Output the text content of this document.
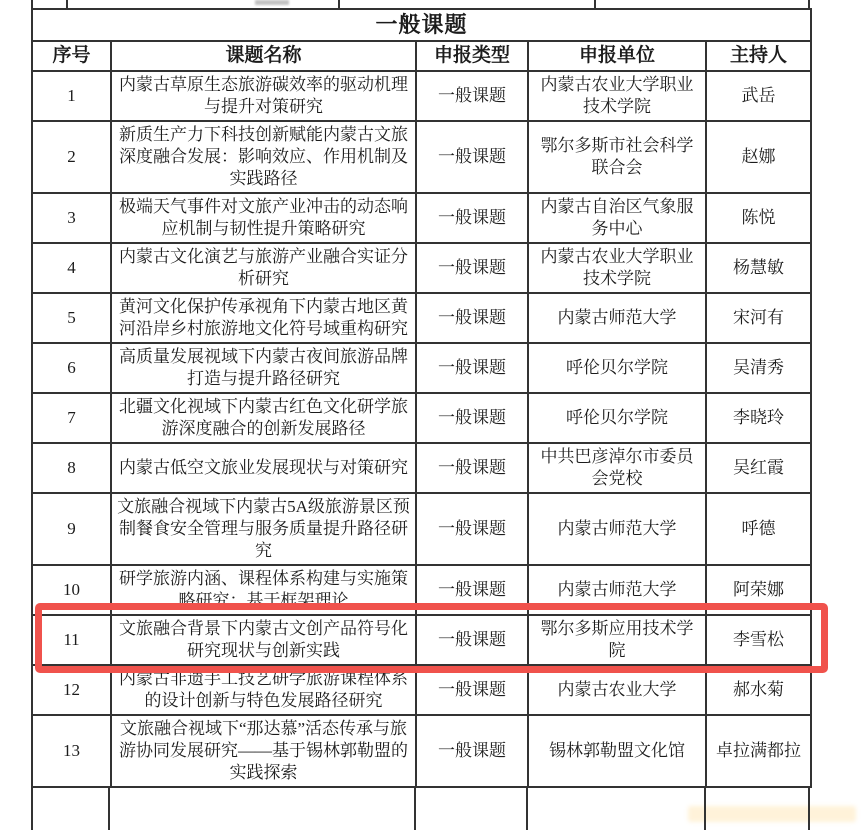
一般课题				
序号	课题名称	申报类型	申报单位	主持人
1	内蒙古草原生态旅游碳效率的驱动机理与提升对策研究	一般课题	内蒙古农业大学职业技术学院	武岳
2	新质生产力下科技创新赋能内蒙古文旅深度融合发展：影响效应、作用机制及实践路径	一般课题	鄂尔多斯市社会科学联合会	赵娜
3	极端天气事件对文旅产业冲击的动态响应机制与韧性提升策略研究	一般课题	内蒙古自治区气象服务中心	陈悦
4	内蒙古文化演艺与旅游产业融合实证分析研究	一般课题	内蒙古农业大学职业技术学院	杨慧敏
5	黄河文化保护传承视角下内蒙古地区黄河沿岸乡村旅游地文化符号域重构研究	一般课题	内蒙古师范大学	宋河有
6	高质量发展视域下内蒙古夜间旅游品牌打造与提升路径研究	一般课题	呼伦贝尔学院	吴清秀
7	北疆文化视域下内蒙古红色文化研学旅游深度融合的创新发展路径	一般课题	呼伦贝尔学院	李晓玲
8	内蒙古低空文旅业发展现状与对策研究	一般课题	中共巴彦淖尔市委员会党校	吴红霞
9	文旅融合视域下内蒙古5A级旅游景区预制餐食安全管理与服务质量提升路径研究	一般课题	内蒙古师范大学	呼德
10	研学旅游内涵、课程体系构建与实施策略研究：基于框架理论	一般课题	内蒙古师范大学	阿荣娜
11	文旅融合背景下内蒙古文创产品符号化研究现状与创新实践	一般课题	鄂尔多斯应用技术学院	李雪松
12	内蒙古非遗手工技艺研学旅游课程体系的设计创新与特色发展路径研究	一般课题	内蒙古农业大学	郝水菊
13	文旅融合视域下“那达慕”活态传承与旅游协同发展研究——基于锡林郭勒盟的实践探索	一般课题	锡林郭勒盟文化馆	卓拉满都拉
